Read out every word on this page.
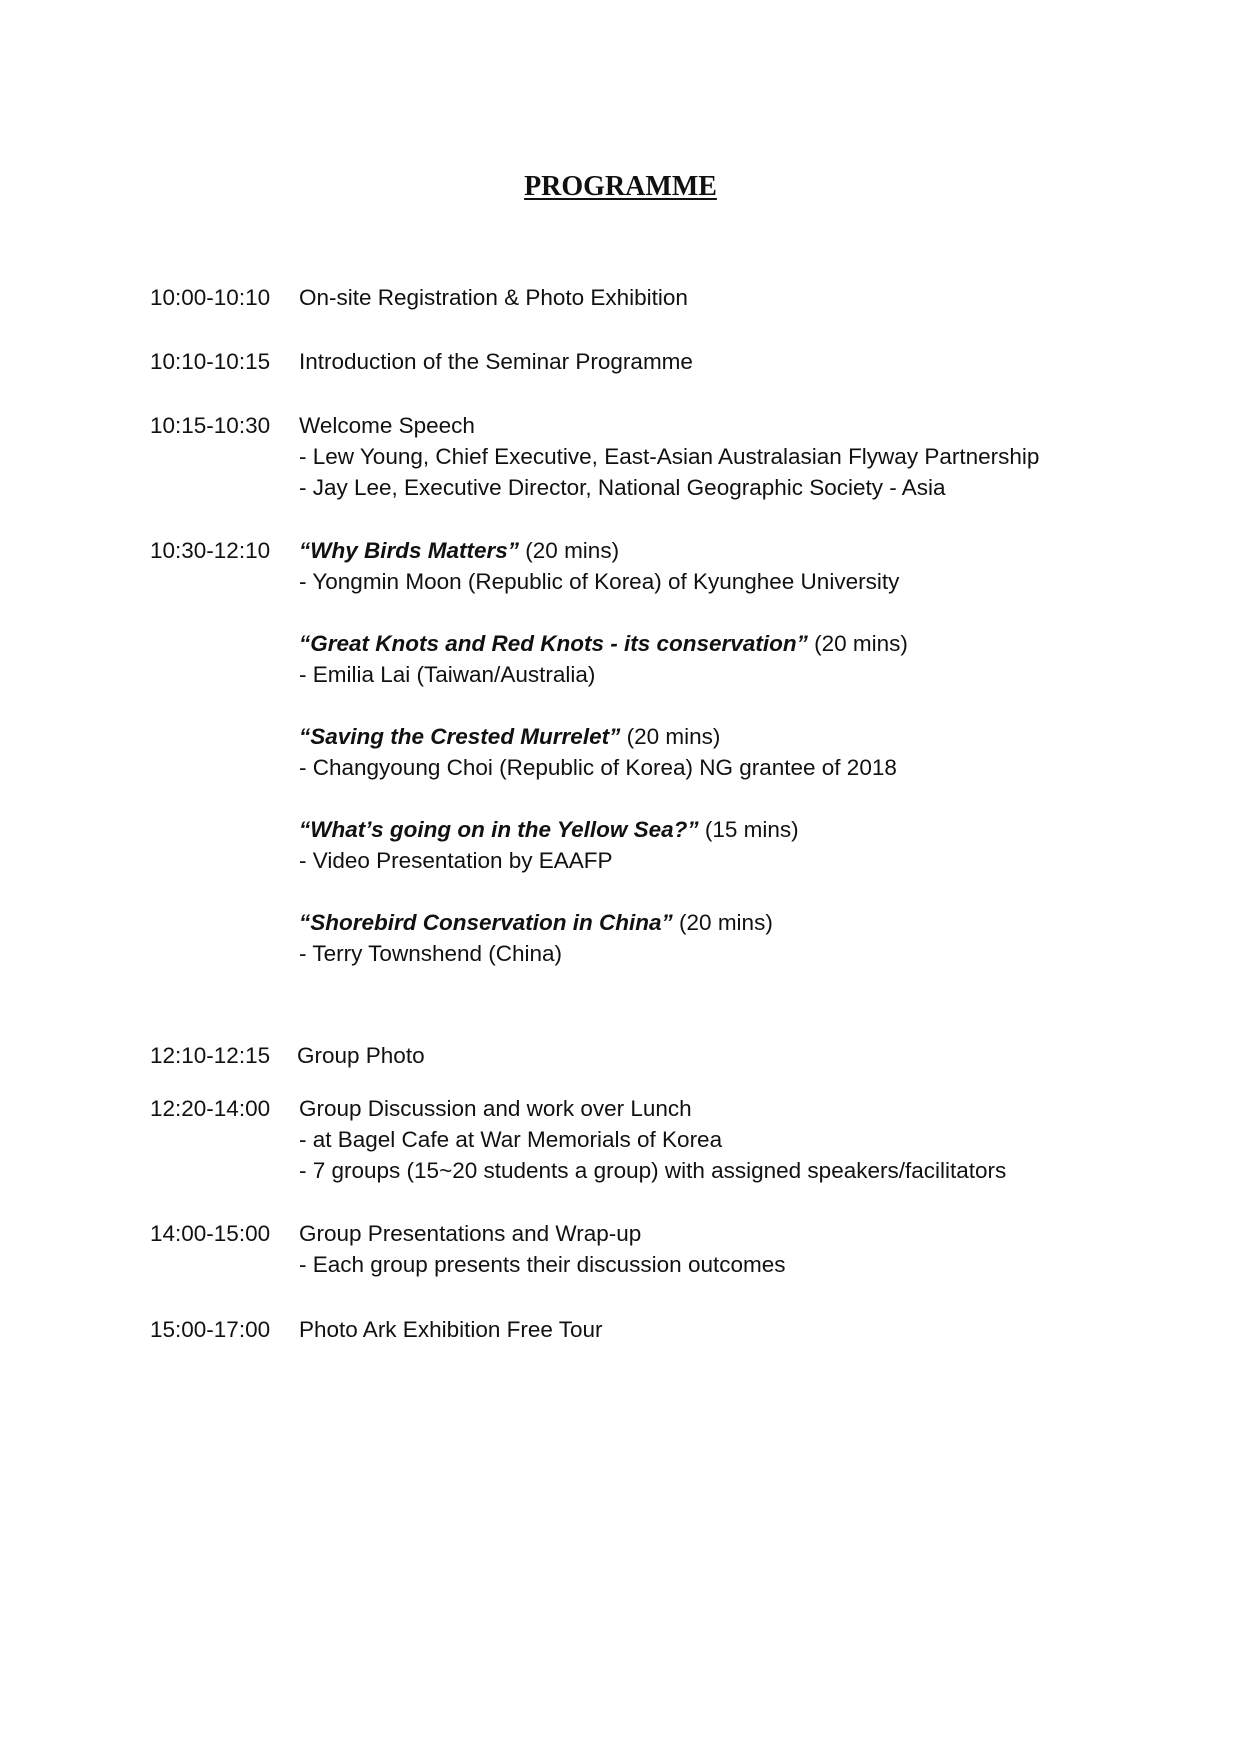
PROGRAMME
10:00-10:10 On-site Registration & Photo Exhibition
10:10-10:15 Introduction of the Seminar Programme
10:15-10:30 Welcome Speech
- Lew Young, Chief Executive, East-Asian Australasian Flyway Partnership
- Jay Lee, Executive Director, National Geographic Society - Asia
10:30-12:10 “Why Birds Matters” (20 mins)
- Yongmin Moon (Republic of Korea) of Kyunghee University
“Great Knots and Red Knots - its conservation” (20 mins)
- Emilia Lai (Taiwan/Australia)
“Saving the Crested Murrelet” (20 mins)
- Changyoung Choi (Republic of Korea) NG grantee of 2018
“What’s going on in the Yellow Sea?” (15 mins)
- Video Presentation by EAAFP
“Shorebird Conservation in China” (20 mins)
- Terry Townshend (China)
12:10-12:15 Group Photo
12:20-14:00 Group Discussion and work over Lunch
- at Bagel Cafe at War Memorials of Korea
- 7 groups (15~20 students a group) with assigned speakers/facilitators
14:00-15:00 Group Presentations and Wrap-up
- Each group presents their discussion outcomes
15:00-17:00 Photo Ark Exhibition Free Tour
